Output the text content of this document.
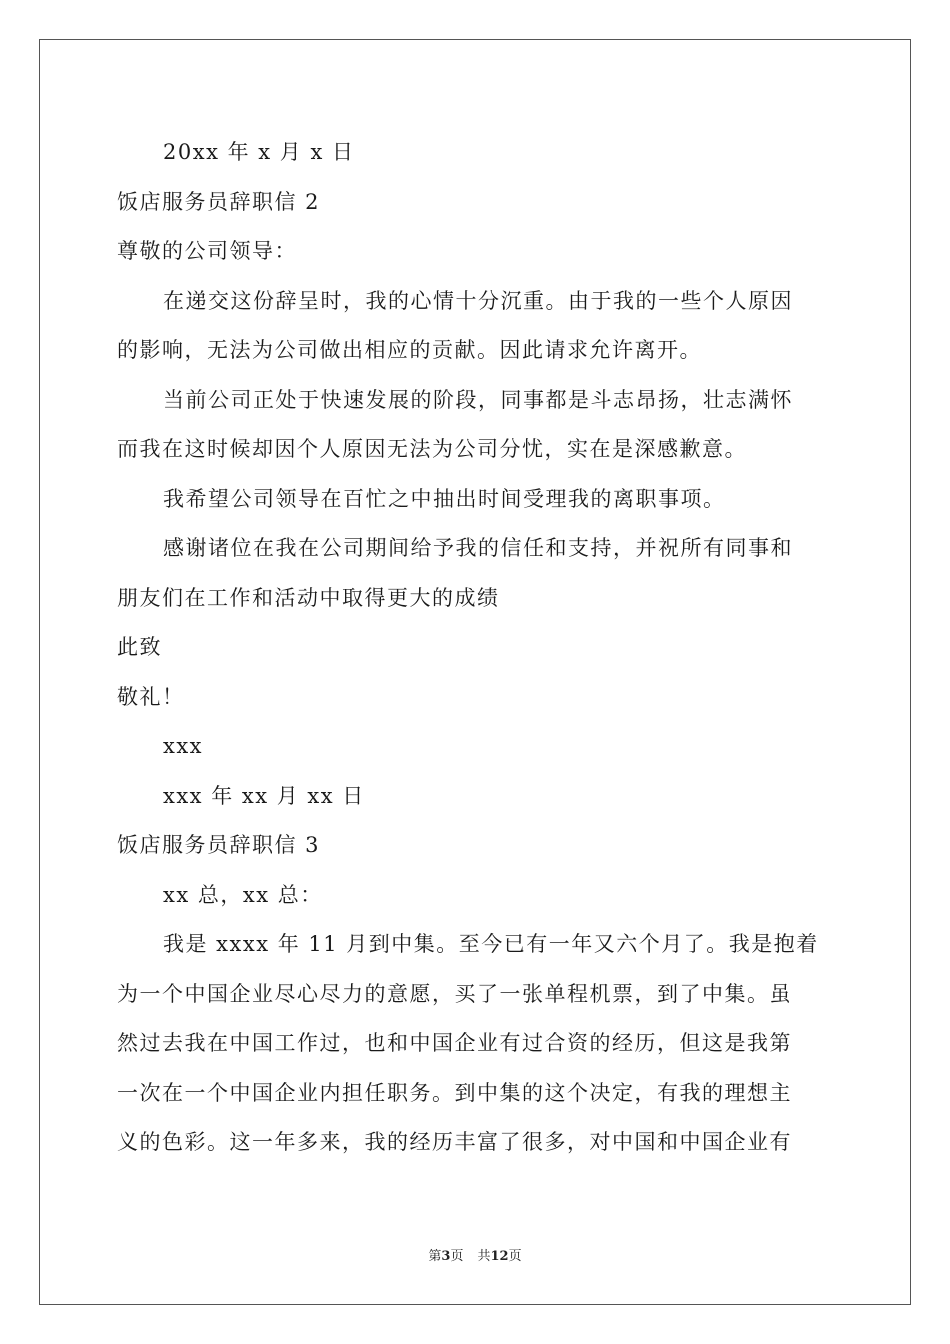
20xx 年 x 月 x 日
饭店服务员辞职信 2
尊敬的公司领导：
在递交这份辞呈时，我的心情十分沉重。由于我的一些个人原因
的影响，无法为公司做出相应的贡献。因此请求允许离开。
当前公司正处于快速发展的阶段，同事都是斗志昂扬，壮志满怀
而我在这时候却因个人原因无法为公司分忧，实在是深感歉意。
我希望公司领导在百忙之中抽出时间受理我的离职事项。
感谢诸位在我在公司期间给予我的信任和支持，并祝所有同事和
朋友们在工作和活动中取得更大的成绩
此致
敬礼！
xxx
xxx 年 xx 月 xx 日
饭店服务员辞职信 3
xx 总，xx 总：
我是 xxxx 年 11 月到中集。至今已有一年又六个月了。我是抱着
为一个中国企业尽心尽力的意愿，买了一张单程机票，到了中集。虽
然过去我在中国工作过，也和中国企业有过合资的经历，但这是我第
一次在一个中国企业内担任职务。到中集的这个决定，有我的理想主
义的色彩。这一年多来，我的经历丰富了很多，对中国和中国企业有
第3页 共12页
